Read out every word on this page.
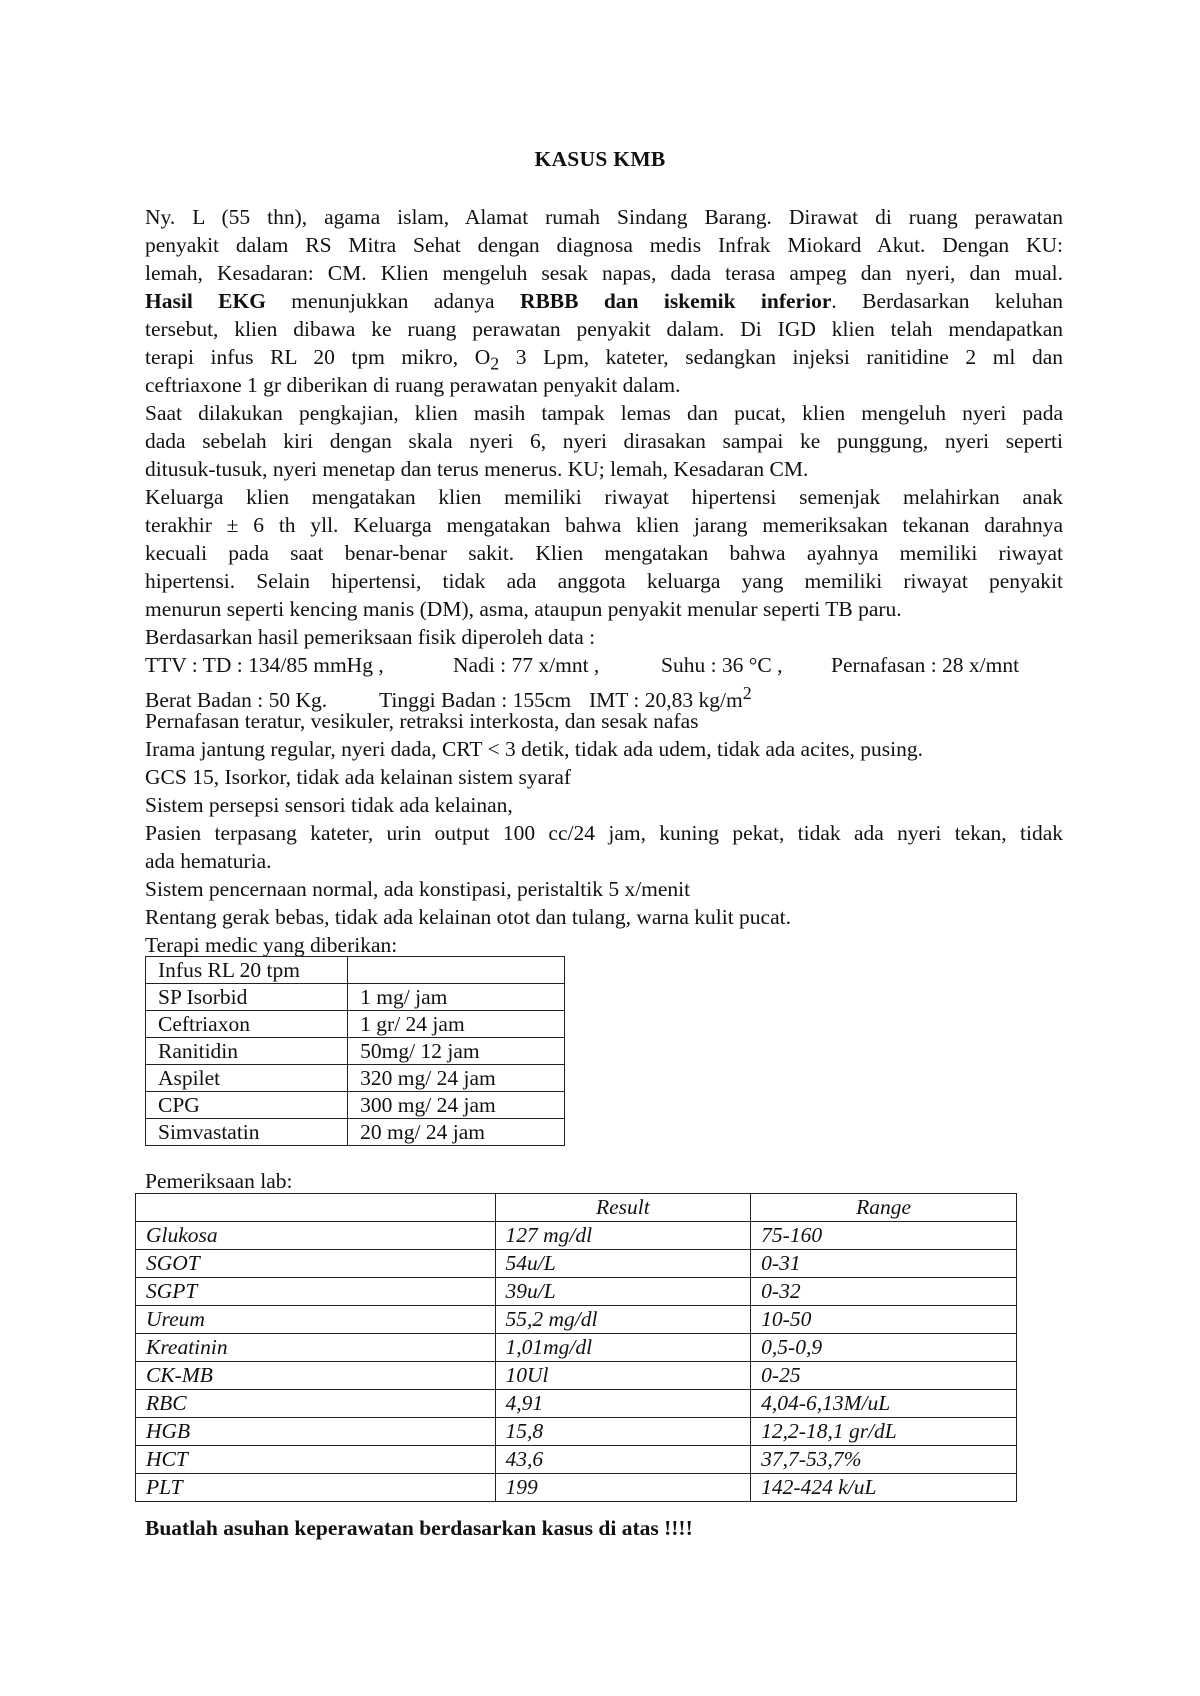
KASUS KMB
Ny. L (55 thn), agama islam, Alamat rumah Sindang Barang. Dirawat di ruang perawatan
penyakit dalam RS Mitra Sehat dengan diagnosa medis Infrak Miokard Akut. Dengan KU:
lemah, Kesadaran: CM. Klien mengeluh sesak napas, dada terasa ampeg dan nyeri, dan mual.
Hasil EKG menunjukkan adanya RBBB dan iskemik inferior. Berdasarkan keluhan
tersebut, klien dibawa ke ruang perawatan penyakit dalam. Di IGD klien telah mendapatkan
terapi infus RL 20 tpm mikro, $O_2$ 3 Lpm, kateter, sedangkan injeksi ranitidine 2 ml dan
ceftriaxone 1 gr diberikan di ruang perawatan penyakit dalam.
Saat dilakukan pengkajian, klien masih tampak lemas dan pucat, klien mengeluh nyeri pada
dada sebelah kiri dengan skala nyeri 6, nyeri dirasakan sampai ke punggung, nyeri seperti
ditusuk-tusuk, nyeri menetap dan terus menerus. KU; lemah, Kesadaran CM.
Keluarga klien mengatakan klien memiliki riwayat hipertensi semenjak melahirkan anak
terakhir ± 6 th yll. Keluarga mengatakan bahwa klien jarang memeriksakan tekanan darahnya
kecuali pada saat benar-benar sakit. Klien mengatakan bahwa ayahnya memiliki riwayat
hipertensi. Selain hipertensi, tidak ada anggota keluarga yang memiliki riwayat penyakit
menurun seperti kencing manis (DM), asma, ataupun penyakit menular seperti TB paru.
Berdasarkan hasil pemeriksaan fisik diperoleh data :
TTV : TD : 134/85 mmHg ,	Nadi : 77 x/mnt ,	Suhu : 36 °C , Pernafasan : 28 x/mnt
Berat Badan : 50 Kg. Tinggi Badan : 155cm IMT : 20,83 $kg/m^2$
Pernafasan teratur, vesikuler, retraksi interkosta, dan sesak nafas
Irama jantung regular, nyeri dada, CRT < 3 detik, tidak ada udem, tidak ada acites, pusing.
GCS 15, Isorkor, tidak ada kelainan sistem syaraf
Sistem persepsi sensori tidak ada kelainan,
Pasien terpasang kateter, urin output 100 cc/24 jam, kuning pekat, tidak ada nyeri tekan, tidak
ada hematuria.
Sistem pencernaan normal, ada konstipasi, peristaltik 5 x/menit
Rentang gerak bebas, tidak ada kelainan otot dan tulang, warna kulit pucat.
Terapi medic yang diberikan:
Infus RL 20 tpm	
SP Isorbid	1 mg/ jam
Ceftriaxon	1 gr/ 24 jam
Ranitidin	50mg/ 12 jam
Aspilet	320 mg/ 24 jam
CPG	300 mg/ 24 jam
Simvastatin	20 mg/ 24 jam
Pemeriksaan lab:
	Result	Range
Glukosa	127 mg/dl	75-160
SGOT	54u/L	0-31
SGPT	39u/L	0-32
Ureum	55,2 mg/dl	10-50
Kreatinin	1,01mg/dl	0,5-0,9
CK-MB	10Ul	0-25
RBC	4,91	4,04-6,13M/uL
HGB	15,8	12,2-18,1 gr/dL
HCT	43,6	37,7-53,7%
PLT	199	142-424 k/uL
Buatlah asuhan keperawatan berdasarkan kasus di atas !!!!
